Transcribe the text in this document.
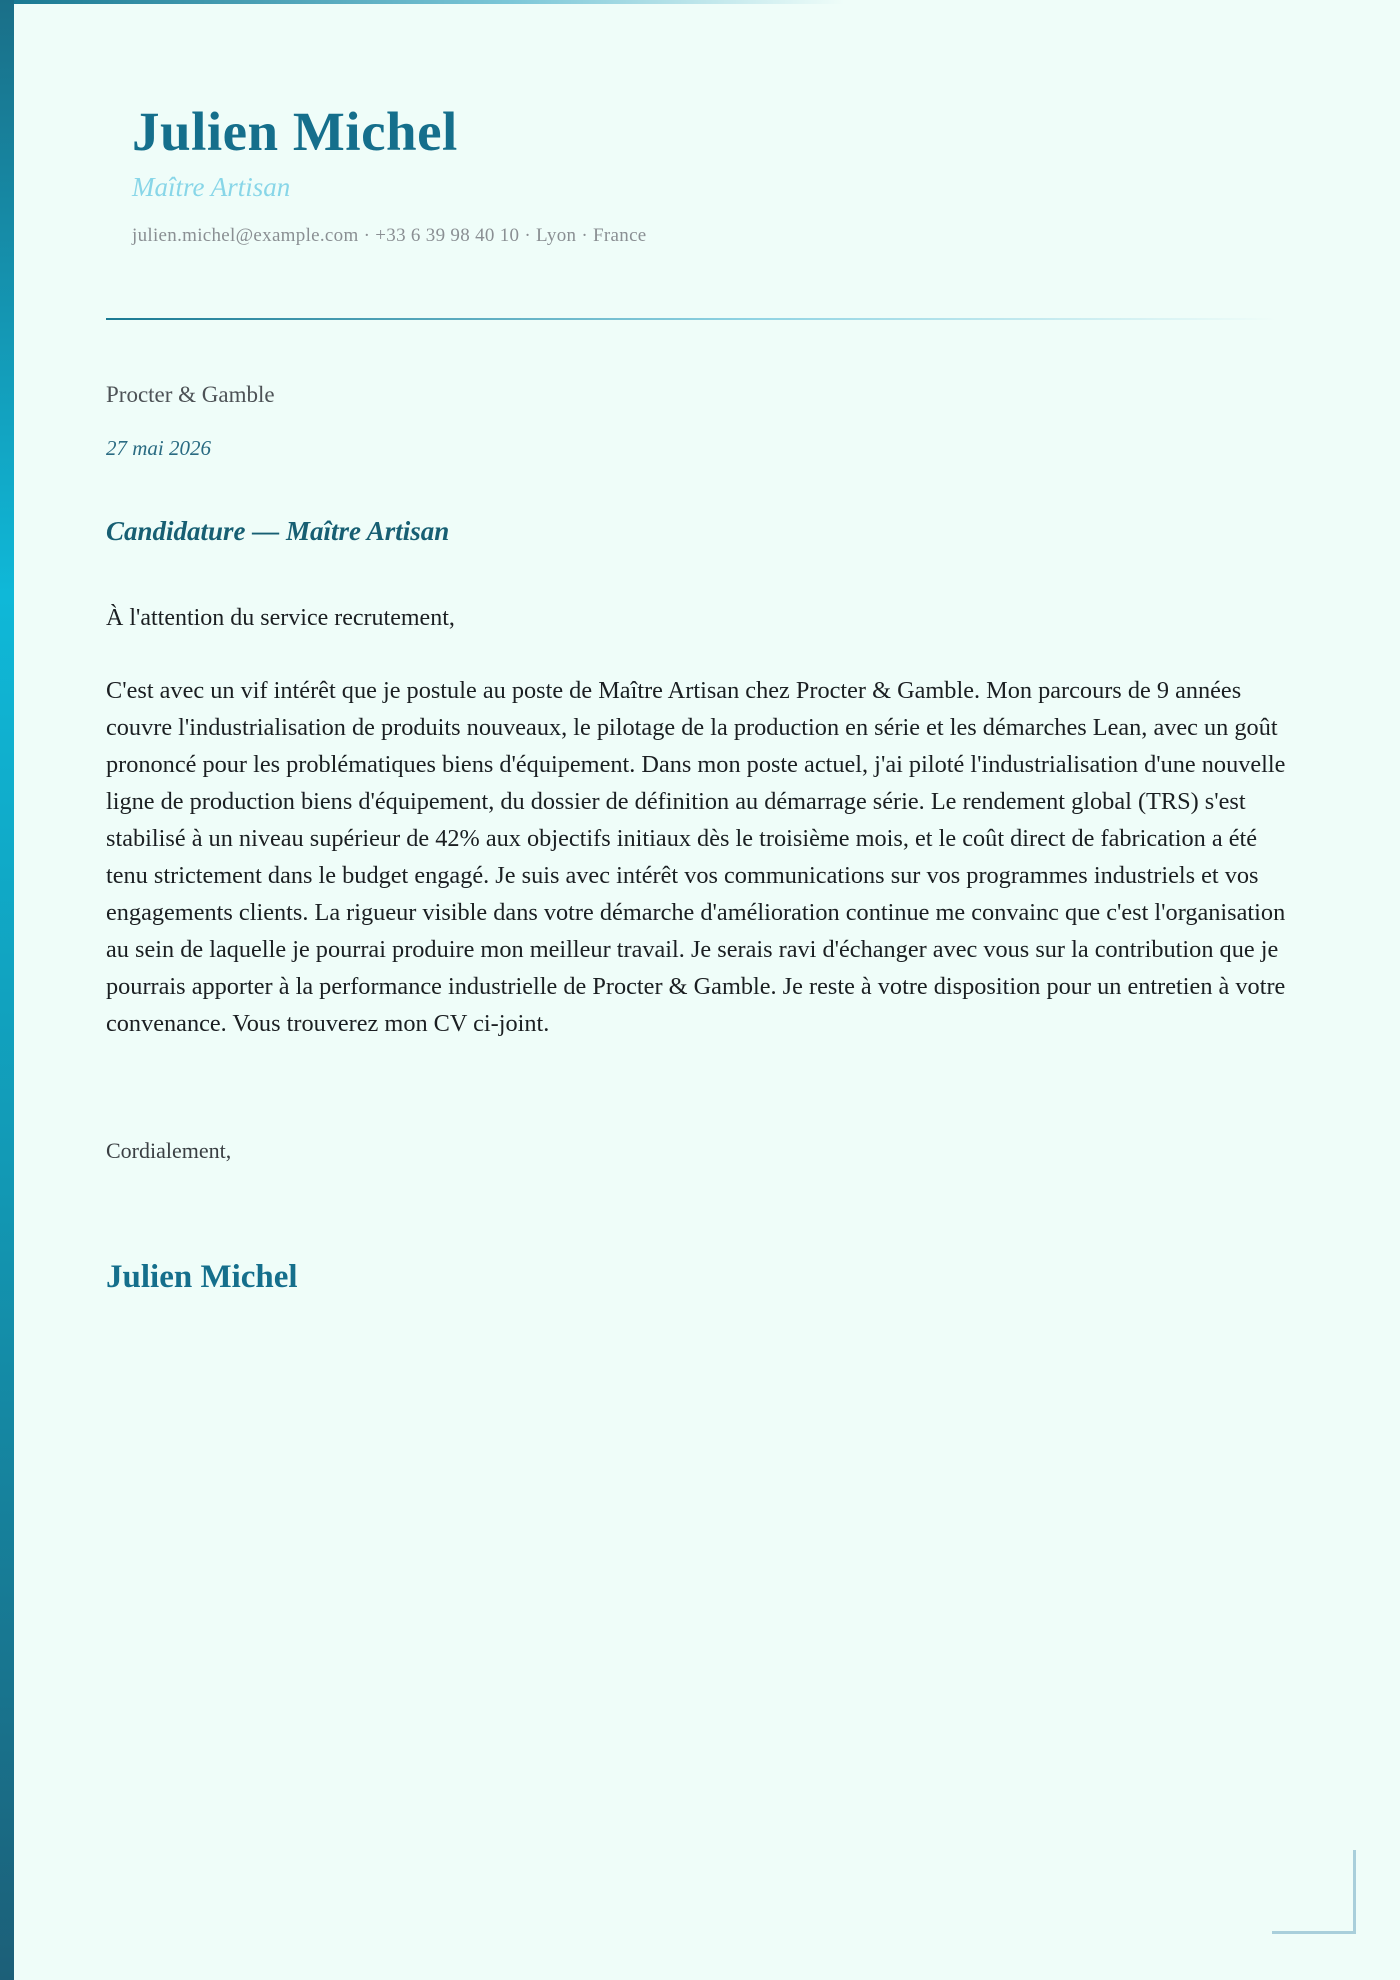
Julien Michel
Maître Artisan
julien.michel@example.com · +33 6 39 98 40 10 · Lyon · France
Procter & Gamble
27 mai 2026
Candidature — Maître Artisan
À l'attention du service recrutement,
C'est avec un vif intérêt que je postule au poste de Maître Artisan chez Procter & Gamble. Mon parcours de 9 années couvre l'industrialisation de produits nouveaux, le pilotage de la production en série et les démarches Lean, avec un goût prononcé pour les problématiques biens d'équipement. Dans mon poste actuel, j'ai piloté l'industrialisation d'une nouvelle ligne de production biens d'équipement, du dossier de définition au démarrage série. Le rendement global (TRS) s'est stabilisé à un niveau supérieur de 42% aux objectifs initiaux dès le troisième mois, et le coût direct de fabrication a été tenu strictement dans le budget engagé. Je suis avec intérêt vos communications sur vos programmes industriels et vos engagements clients. La rigueur visible dans votre démarche d'amélioration continue me convainc que c'est l'organisation au sein de laquelle je pourrai produire mon meilleur travail. Je serais ravi d'échanger avec vous sur la contribution que je pourrais apporter à la performance industrielle de Procter & Gamble. Je reste à votre disposition pour un entretien à votre convenance. Vous trouverez mon CV ci-joint.
Cordialement,
Julien Michel
